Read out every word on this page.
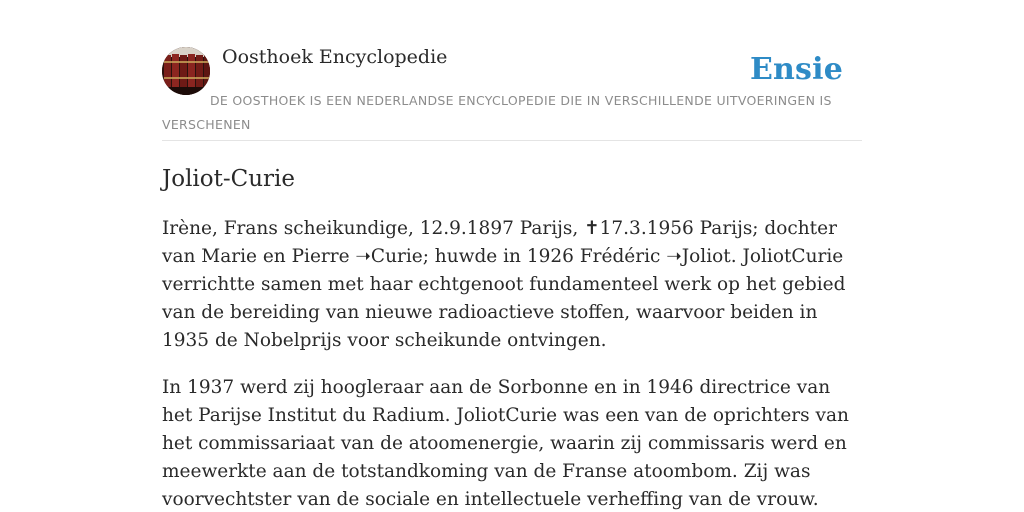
Oosthoek Encyclopedie	Ensie
DE OOSTHOEK IS EEN NEDERLANDSE ENCYCLOPEDIE DIE IN VERSCHILLENDE UITVOERINGEN IS VERSCHENEN
Joliot-Curie

Irène, Frans scheikundige, 12.9.1897 Parijs, ✝17.3.1956 Parijs; dochter van Marie en Pierre ➝Curie; huwde in 1926 Frédéric ➝Joliot. JoliotCurie verrichtte samen met haar echtgenoot fundamenteel werk op het gebied van de bereiding van nieuwe radioactieve stoffen, waarvoor beiden in 1935 de Nobelprijs voor scheikunde ontvingen.

In 1937 werd zij hoogleraar aan de Sorbonne en in 1946 directrice van het Parijse Institut du Radium. JoliotCurie was een van de oprichters van het commissariaat van de atoomenergie, waarin zij commissaris werd en meewerkte aan de totstandkoming van de Franse atoombom. Zij was voorvechtster van de sociale en intellectuele verheffing van de vrouw.
